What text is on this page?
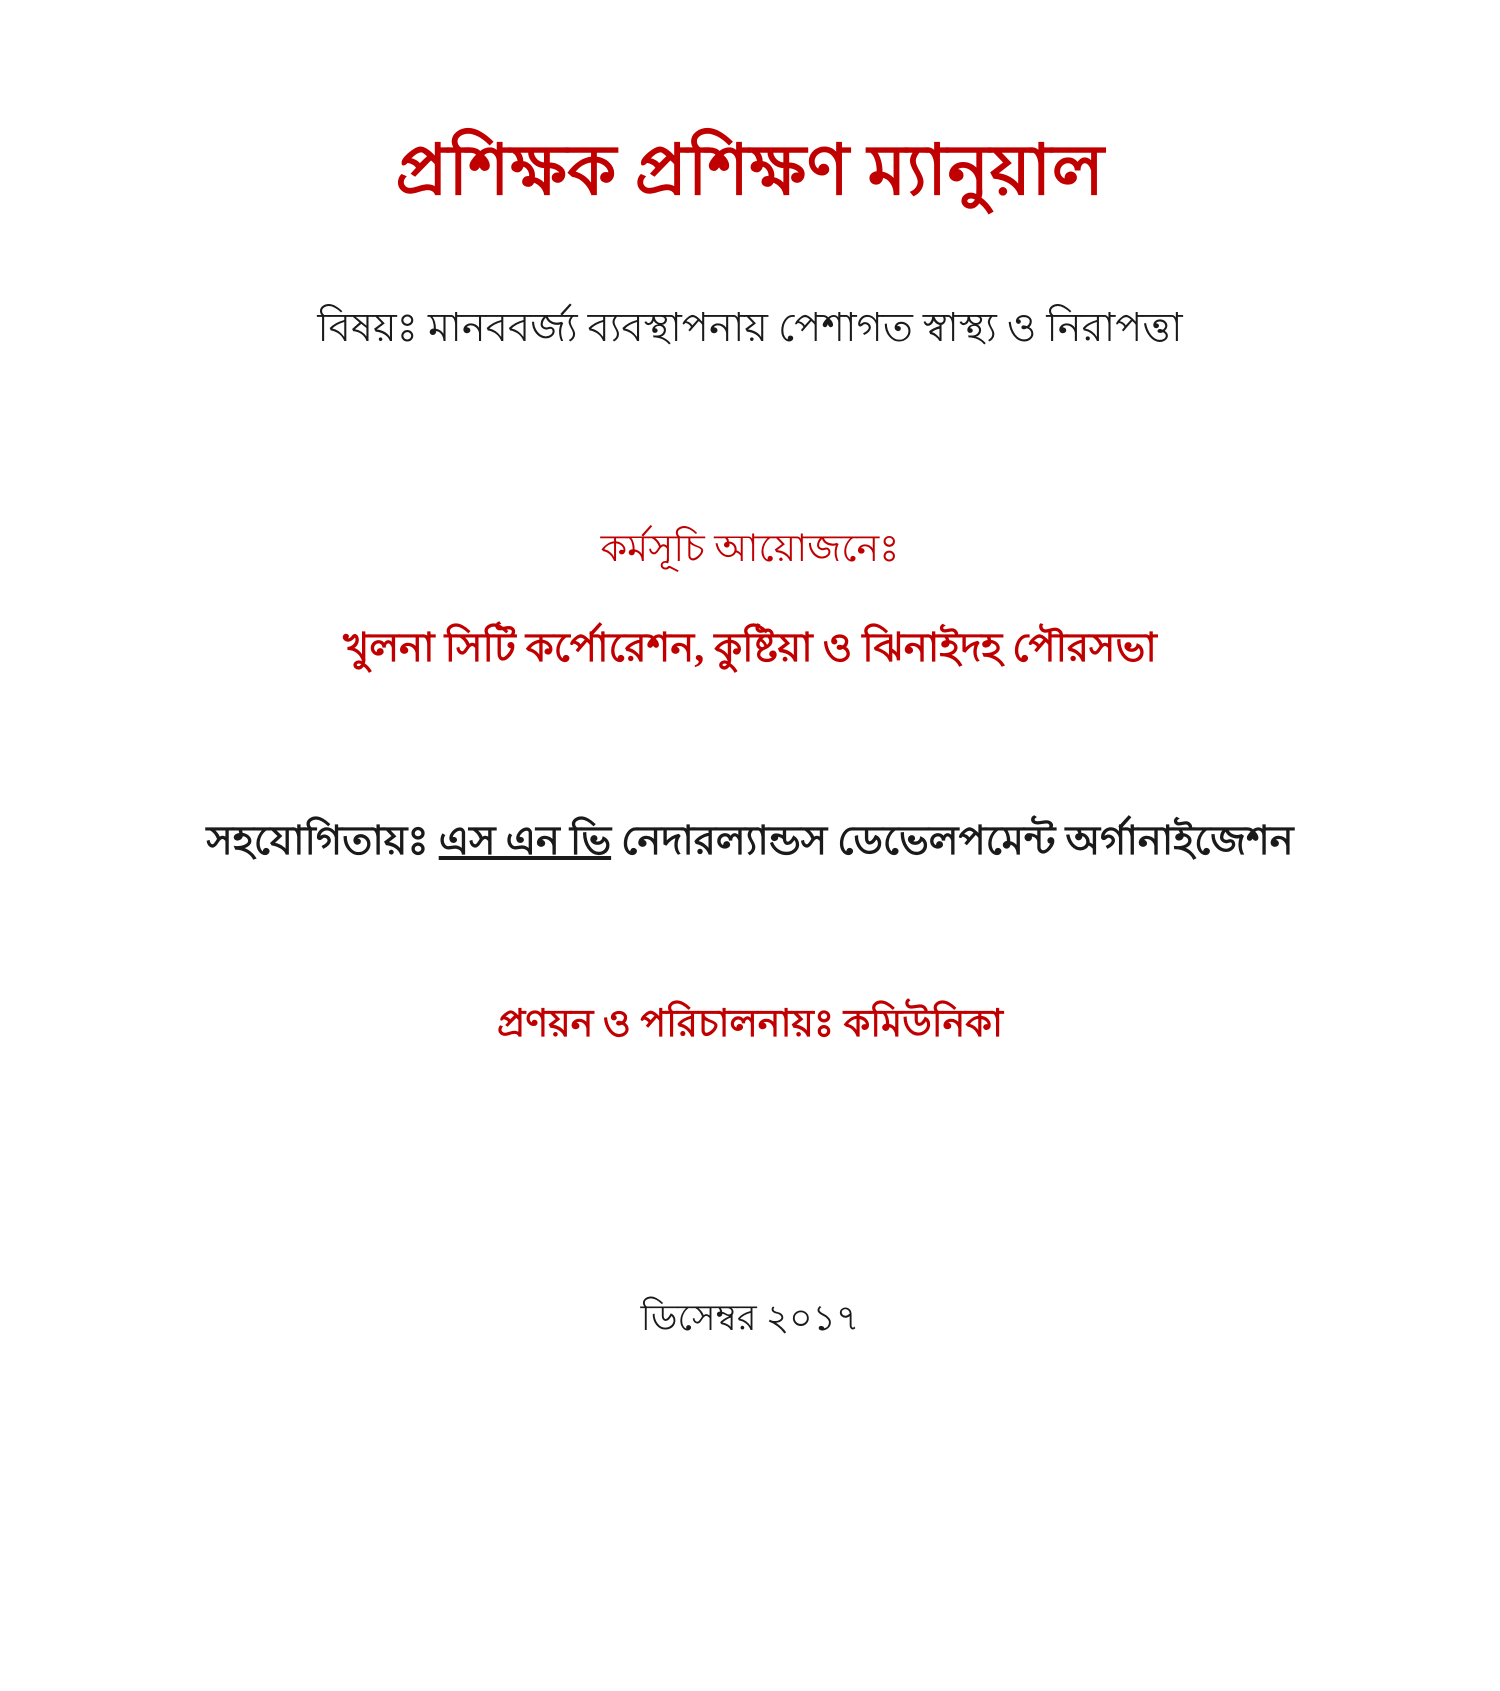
প্রশিক্ষক প্রশিক্ষণ ম্যানুয়াল
বিষয়ঃ মানববর্জ্য ব্যবস্থাপনায় পেশাগত স্বাস্থ্য ও নিরাপত্তা
কর্মসূচি আয়োজনেঃ
খুলনা সিটি কর্পোরেশন, কুষ্টিয়া ও ঝিনাইদহ পৌরসভা
সহযোগিতায়ঃ এস এন ভি নেদারল্যান্ডস ডেভেলপমেন্ট অর্গানাইজেশন
প্রণয়ন ও পরিচালনায়ঃ কমিউনিকা
ডিসেম্বর ২০১৭
